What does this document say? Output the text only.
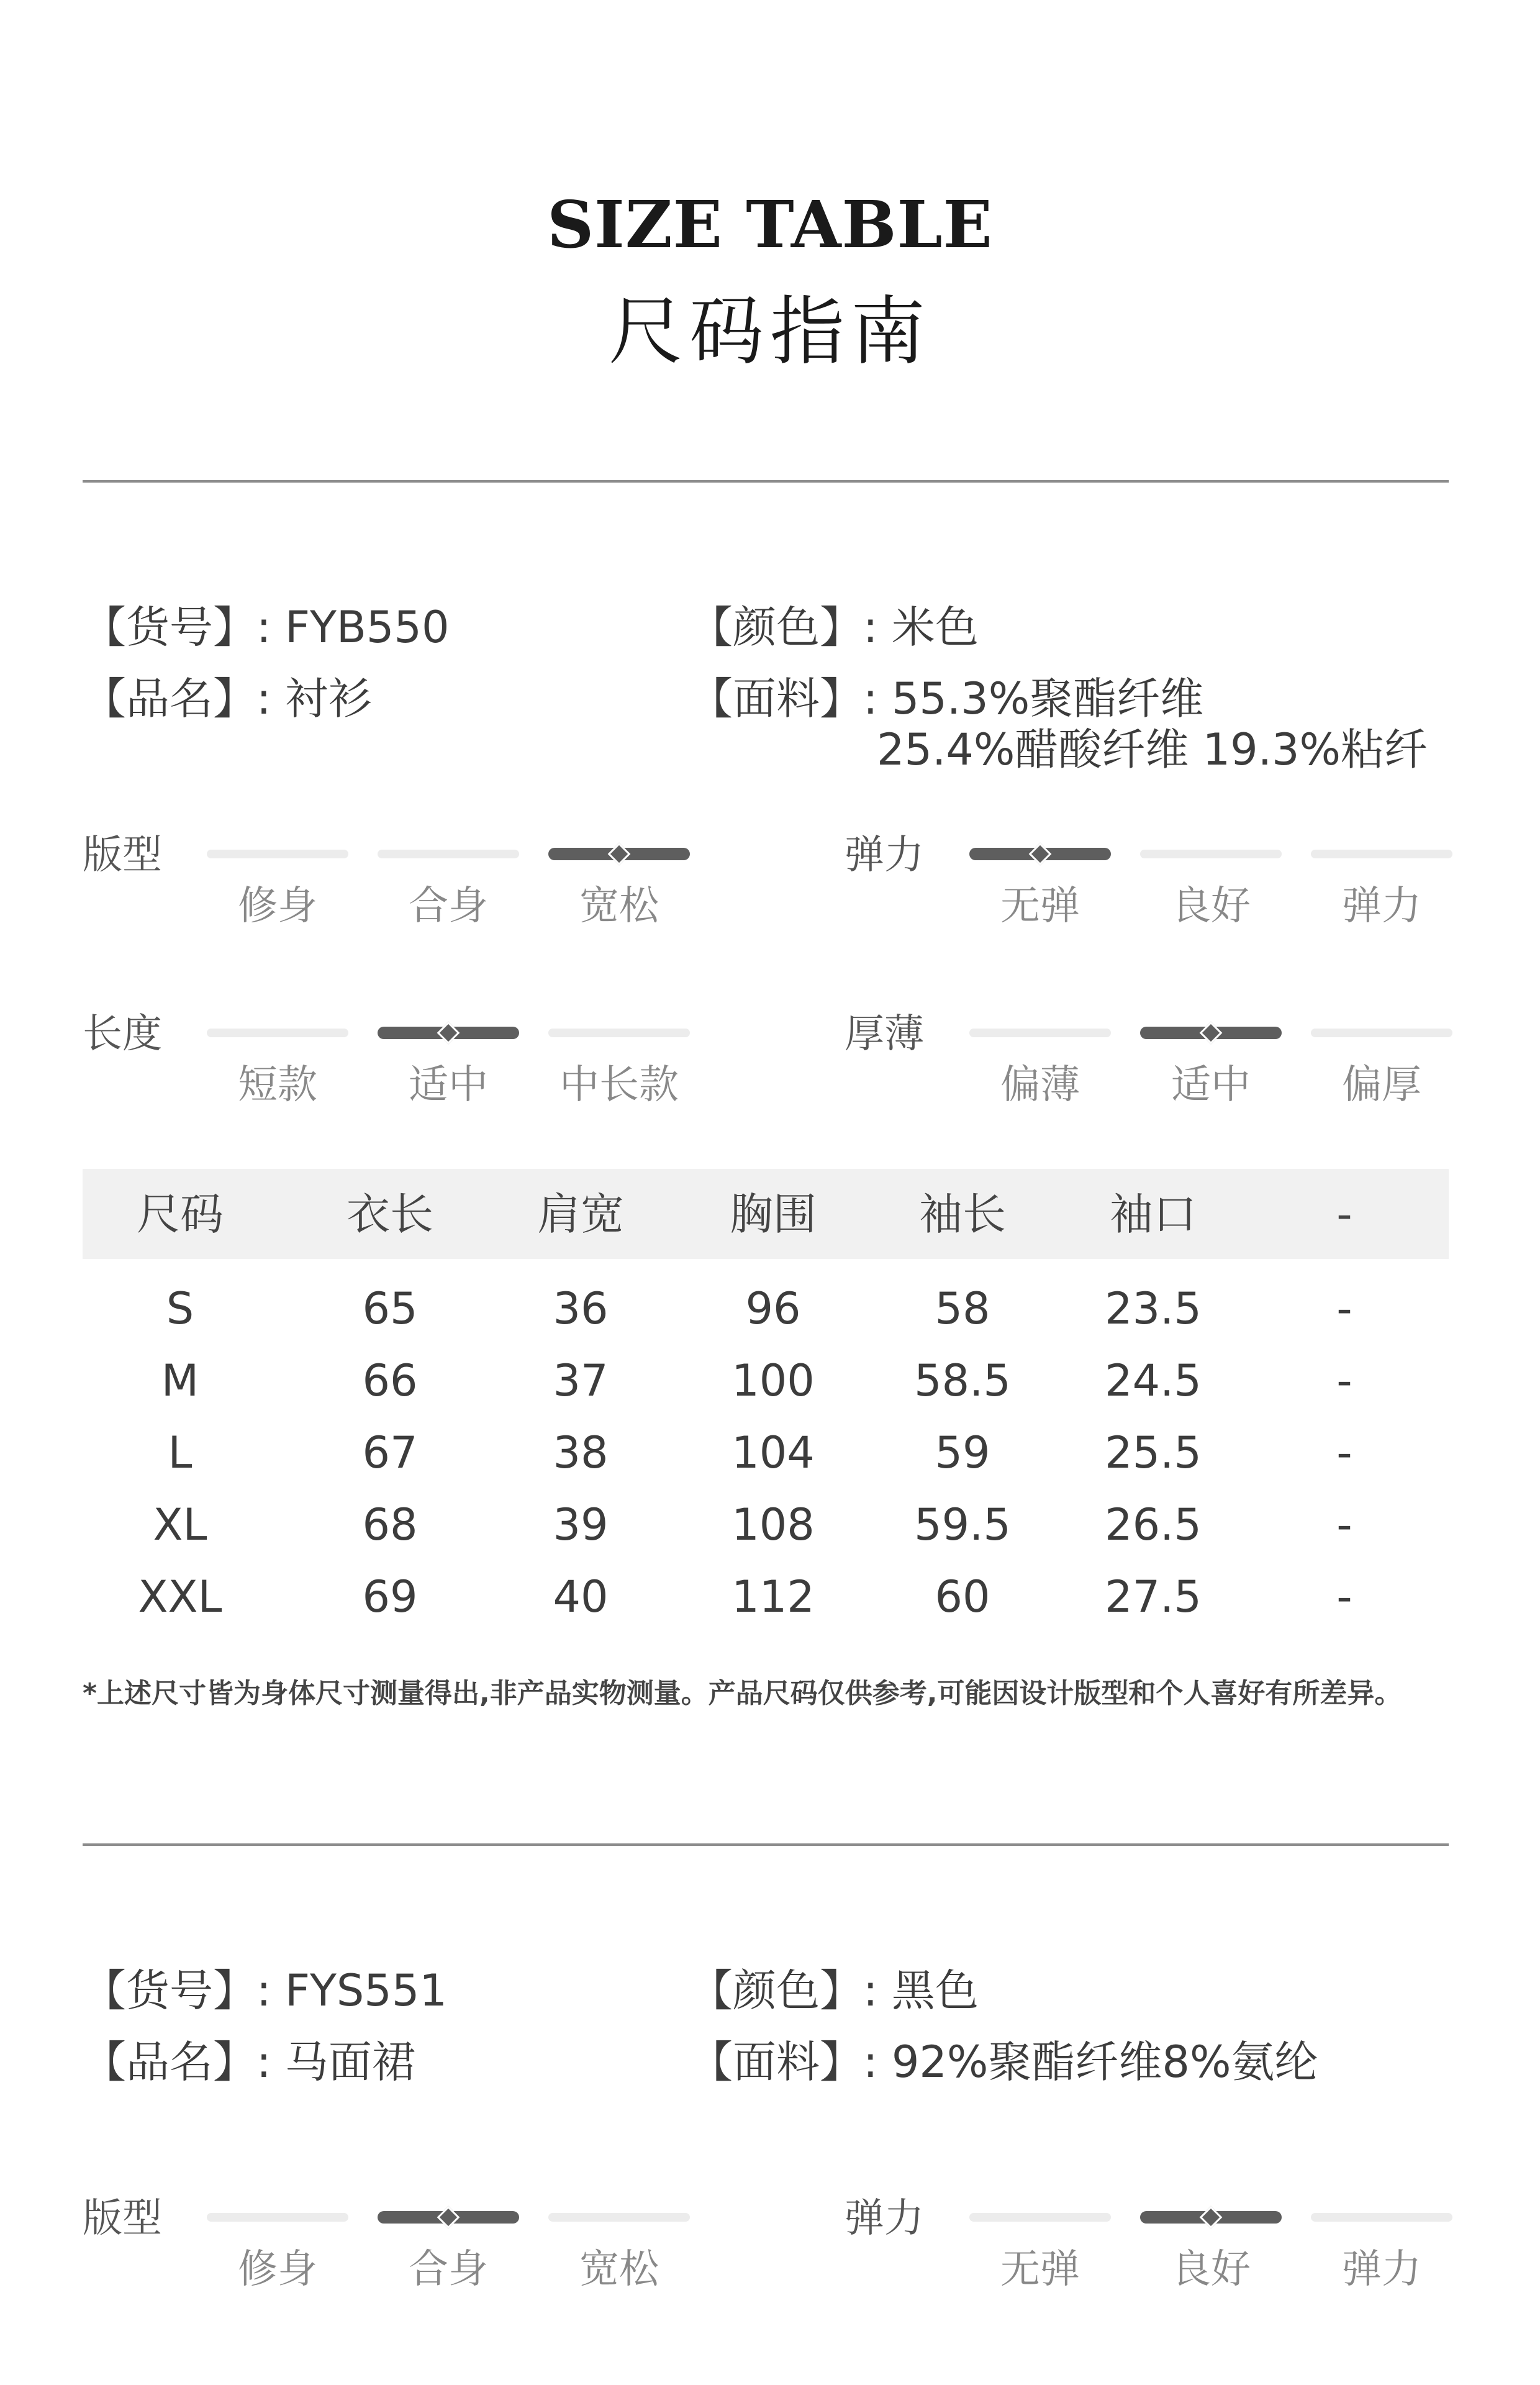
SIZE TABLE
尺码指南
【货号】: FYB550
【品名】: 衬衫
【颜色】: 米色
【面料】: 55.3%聚酯纤维
25.4%醋酸纤维 19.3%粘纤
版型
修身	合身	宽松
弹力
无弹	良好	弹力
长度
短款	适中	中长款
厚薄
偏薄	适中	偏厚
尺码	衣长	肩宽	胸围	袖长	袖口	-
S	65	36	96	58	23.5	-
M	66	37	100	58.5	24.5	-
L	67	38	104	59	25.5	-
XL	68	39	108	59.5	26.5	-
XXL	69	40	112	60	27.5	-
*上述尺寸皆为身体尺寸测量得出,非产品实物测量。产品尺码仅供参考,可能因设计版型和个人喜好有所差异。
【货号】: FYS551
【品名】: 马面裙
【颜色】: 黑色
【面料】: 92%聚酯纤维8%氨纶
版型
修身	合身	宽松
弹力
无弹	良好	弹力
